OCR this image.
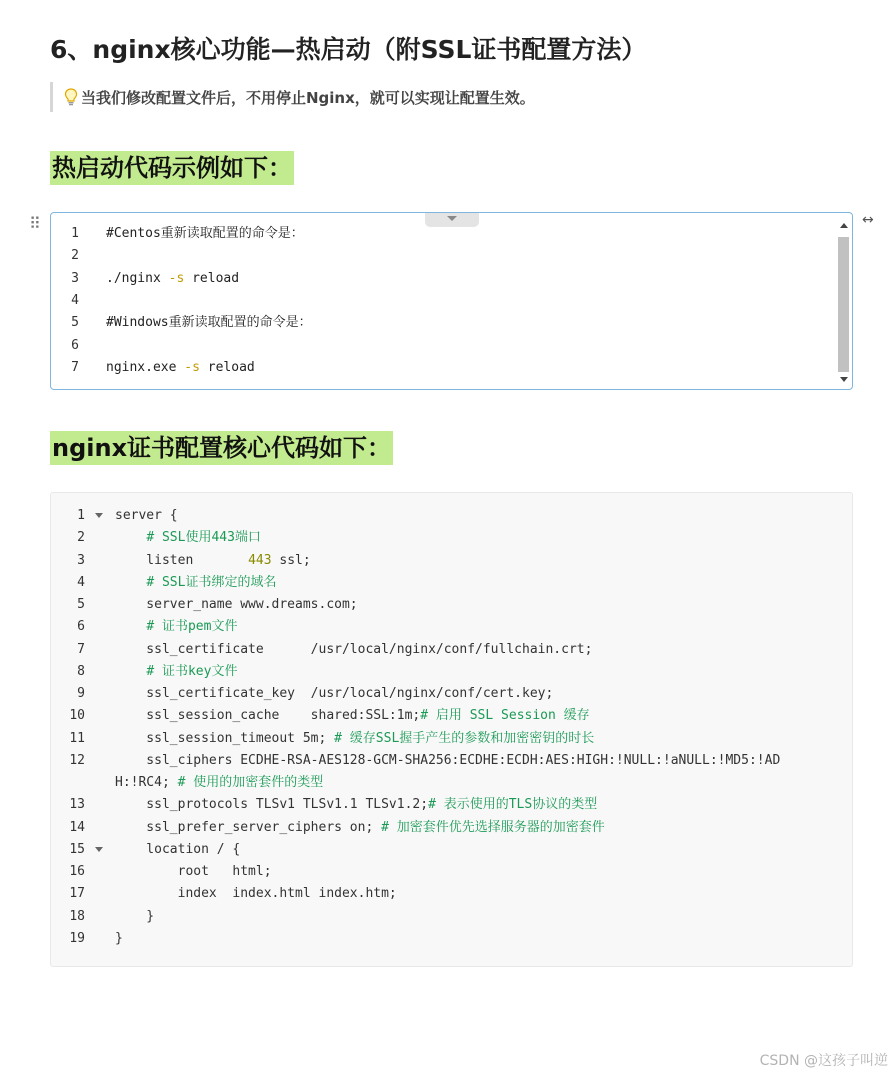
6、nginx核心功能—热启动（附SSL证书配置方法）
当我们修改配置文件后，不用停止Nginx，就可以实现让配置生效。
热启动代码示例如下：
⠿	↔
1 #Centos重新读取配置的命令是：
2
3 ./nginx -s reload
4
5 #Windows重新读取配置的命令是：
6
7 nginx.exe -s reload
nginx证书配置核心代码如下：
1 server {
2	# SSL使用443端口
3 listen       443 ssl;
4	# SSL证书绑定的域名
5 server_name www.dreams.com;
6	# 证书pem文件
7 ssl_certificate      /usr/local/nginx/conf/fullchain.crt;
8	# 证书key文件
9 ssl_certificate_key  /usr/local/nginx/conf/cert.key;
10 ssl_session_cache    shared:SSL:1m;# 启用 SSL Session 缓存
11 ssl_session_timeout 5m; # 缓存SSL握手产生的参数和加密密钥的时长
12 ssl_ciphers ECDHE-RSA-AES128-GCM-SHA256:ECDHE:ECDH:AES:HIGH:!NULL:!aNULL:!MD5:!AD
H:!RC4; # 使用的加密套件的类型
13 ssl_protocols TLSv1 TLSv1.1 TLSv1.2;# 表示使用的TLS协议的类型
14 ssl_prefer_server_ciphers on; # 加密套件优先选择服务器的加密套件
15 location / {
16 root   html;
17 index  index.html index.htm;
18 }
19 }
CSDN @这孩子叫逆
